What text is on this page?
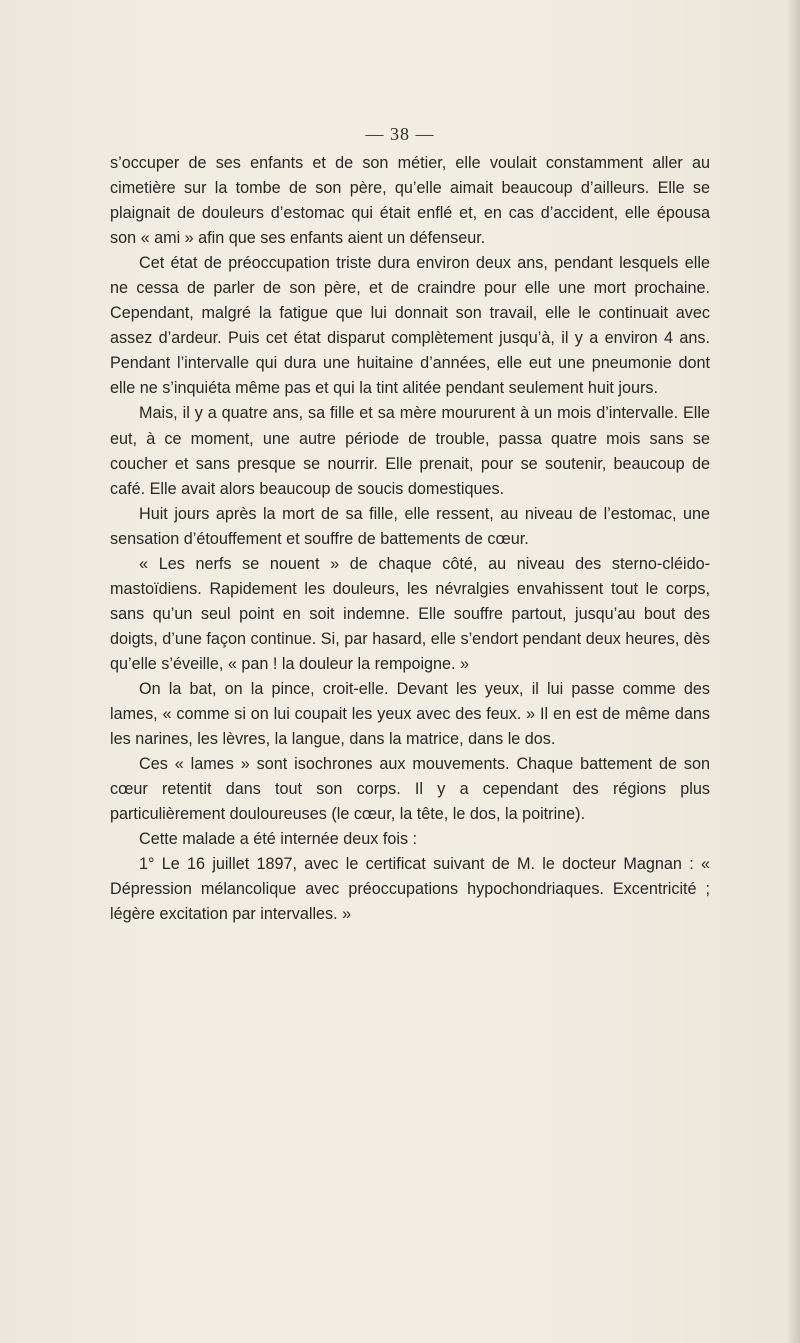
— 38 —

s’occuper de ses enfants et de son métier, elle voulait constamment aller au cimetière sur la tombe de son père, qu’elle aimait beaucoup d’ailleurs. Elle se plaignait de douleurs d’estomac qui était enflé et, en cas d’accident, elle épousa son « ami » afin que ses enfants aient un défenseur.

Cet état de préoccupation triste dura environ deux ans, pendant lesquels elle ne cessa de parler de son père, et de craindre pour elle une mort prochaine. Cependant, malgré la fatigue que lui donnait son travail, elle le continuait avec assez d’ardeur. Puis cet état disparut complètement jusqu’à, il y a environ 4 ans. Pendant l’intervalle qui dura une huitaine d’années, elle eut une pneumonie dont elle ne s’inquiéta même pas et qui la tint alitée pendant seulement huit jours.

Mais, il y a quatre ans, sa fille et sa mère moururent à un mois d’intervalle. Elle eut, à ce moment, une autre période de trouble, passa quatre mois sans se coucher et sans presque se nourrir. Elle prenait, pour se soutenir, beaucoup de café. Elle avait alors beaucoup de soucis domestiques.

Huit jours après la mort de sa fille, elle ressent, au niveau de l’estomac, une sensation d’étouffement et souffre de battements de cœur.

« Les nerfs se nouent » de chaque côté, au niveau des sterno-cléido-mastoïdiens. Rapidement les douleurs, les névralgies envahissent tout le corps, sans qu’un seul point en soit indemne. Elle souffre partout, jusqu’au bout des doigts, d’une façon continue. Si, par hasard, elle s’endort pendant deux heures, dès qu’elle s’éveille, « pan ! la douleur la rempoigne. »

On la bat, on la pince, croit-elle. Devant les yeux, il lui passe comme des lames, « comme si on lui coupait les yeux avec des feux. » Il en est de même dans les narines, les lèvres, la langue, dans la matrice, dans le dos.

Ces « lames » sont isochrones aux mouvements. Chaque battement de son cœur retentit dans tout son corps. Il y a cependant des régions plus particulièrement douloureuses (le cœur, la tête, le dos, la poitrine).

Cette malade a été internée deux fois :

1° Le 16 juillet 1897, avec le certificat suivant de M. le docteur Magnan : « Dépression mélancolique avec préoccupations hypochondriaques. Excentricité ; légère excitation par intervalles. »
